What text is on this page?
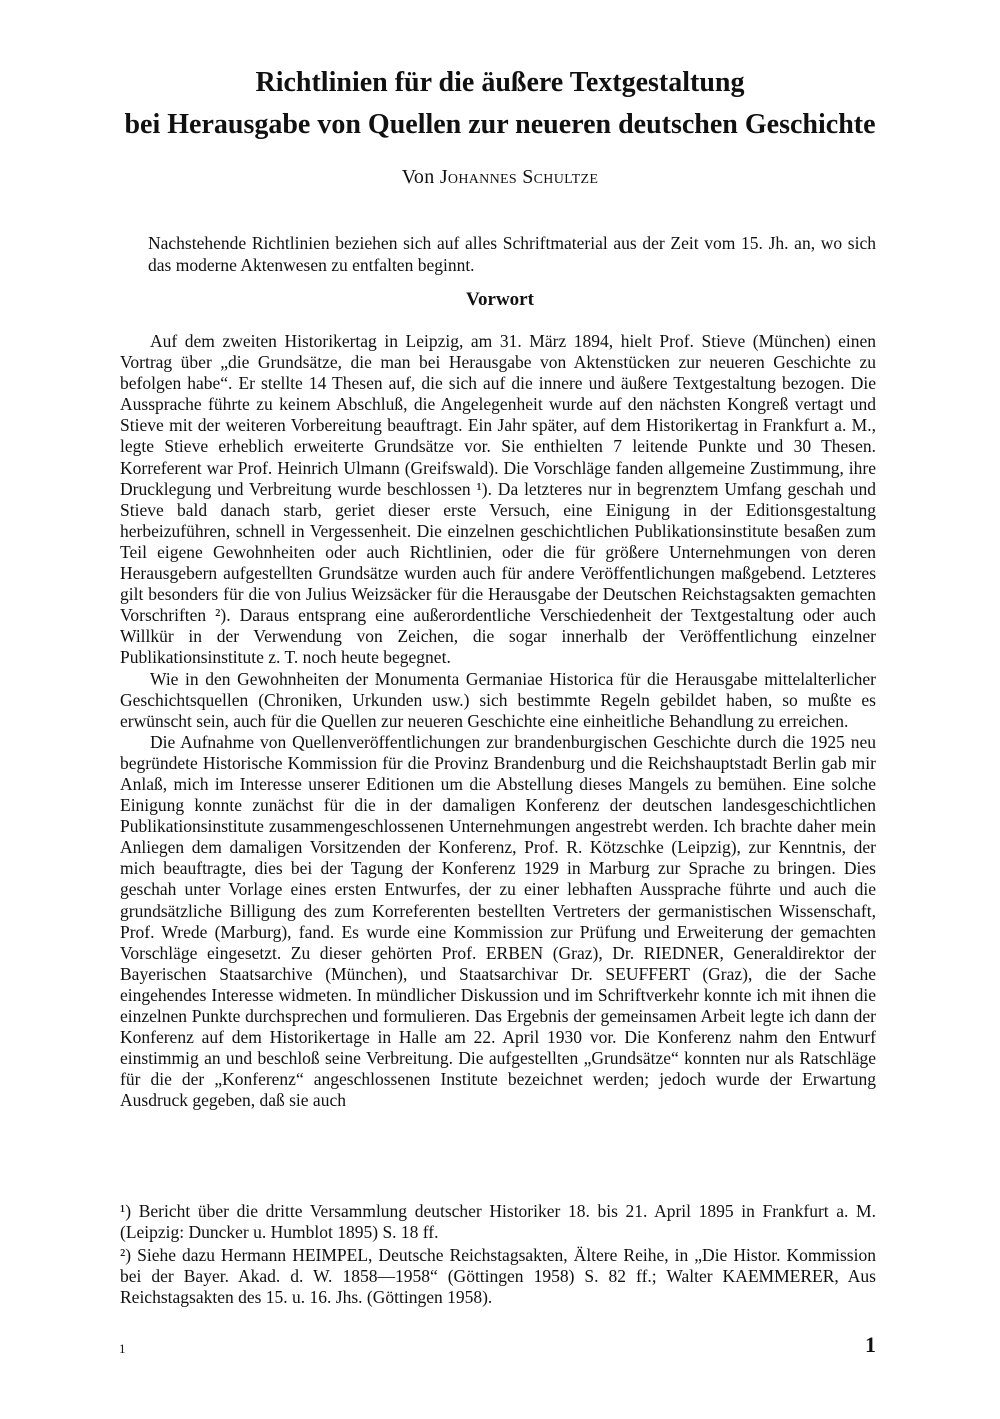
Richtlinien für die äußere Textgestaltung
bei Herausgabe von Quellen zur neueren deutschen Geschichte
Von Johannes Schultze

Nachstehende Richtlinien beziehen sich auf alles Schriftmaterial aus der Zeit vom 15. Jh. an, wo sich das moderne Aktenwesen zu entfalten beginnt.

Vorwort

Auf dem zweiten Historikertag in Leipzig, am 31. März 1894, hielt Prof. Stieve (München) einen Vortrag über „die Grundsätze, die man bei Herausgabe von Aktenstücken zur neueren Geschichte zu befolgen habe“. Er stellte 14 Thesen auf, die sich auf die innere und äußere Textgestaltung bezogen. Die Aussprache führte zu keinem Abschluß, die Angelegenheit wurde auf den nächsten Kongreß vertagt und Stieve mit der weiteren Vorbereitung beauftragt. Ein Jahr später, auf dem Historikertag in Frankfurt a. M., legte Stieve erheblich erweiterte Grundsätze vor. Sie enthielten 7 leitende Punkte und 30 Thesen. Korreferent war Prof. Heinrich Ulmann (Greifswald). Die Vorschläge fanden allgemeine Zustimmung, ihre Drucklegung und Verbreitung wurde beschlossen ¹). Da letzteres nur in begrenztem Umfang geschah und Stieve bald danach starb, geriet dieser erste Versuch, eine Einigung in der Editionsgestaltung herbeizuführen, schnell in Vergessenheit. Die einzelnen geschichtlichen Publikationsinstitute besaßen zum Teil eigene Gewohnheiten oder auch Richtlinien, oder die für größere Unternehmungen von deren Herausgebern aufgestellten Grundsätze wurden auch für andere Veröffentlichungen maßgebend. Letzteres gilt besonders für die von Julius Weizsäcker für die Herausgabe der Deutschen Reichstagsakten gemachten Vorschriften ²). Daraus entsprang eine außerordentliche Verschiedenheit der Textgestaltung oder auch Willkür in der Verwendung von Zeichen, die sogar innerhalb der Veröffentlichung einzelner Publikationsinstitute z. T. noch heute begegnet.

Wie in den Gewohnheiten der Monumenta Germaniae Historica für die Herausgabe mittelalterlicher Geschichtsquellen (Chroniken, Urkunden usw.) sich bestimmte Regeln gebildet haben, so mußte es erwünscht sein, auch für die Quellen zur neueren Geschichte eine einheitliche Behandlung zu erreichen.

Die Aufnahme von Quellenveröffentlichungen zur brandenburgischen Geschichte durch die 1925 neu begründete Historische Kommission für die Provinz Brandenburg und die Reichshauptstadt Berlin gab mir Anlaß, mich im Interesse unserer Editionen um die Abstellung dieses Mangels zu bemühen. Eine solche Einigung konnte zunächst für die in der damaligen Konferenz der deutschen landesgeschichtlichen Publikationsinstitute zusammengeschlossenen Unternehmungen angestrebt werden. Ich brachte daher mein Anliegen dem damaligen Vorsitzenden der Konferenz, Prof. R. Kötzschke (Leipzig), zur Kenntnis, der mich beauftragte, dies bei der Tagung der Konferenz 1929 in Marburg zur Sprache zu bringen. Dies geschah unter Vorlage eines ersten Entwurfes, der zu einer lebhaften Aussprache führte und auch die grundsätzliche Billigung des zum Korreferenten bestellten Vertreters der germanistischen Wissenschaft, Prof. Wrede (Marburg), fand. Es wurde eine Kommission zur Prüfung und Erweiterung der gemachten Vorschläge eingesetzt. Zu dieser gehörten Prof. ERBEN (Graz), Dr. RIEDNER, Generaldirektor der Bayerischen Staatsarchive (München), und Staatsarchivar Dr. SEUFFERT (Graz), die der Sache eingehendes Interesse widmeten. In mündlicher Diskussion und im Schriftverkehr konnte ich mit ihnen die einzelnen Punkte durchsprechen und formulieren. Das Ergebnis der gemeinsamen Arbeit legte ich dann der Konferenz auf dem Historikertage in Halle am 22. April 1930 vor. Die Konferenz nahm den Entwurf einstimmig an und beschloß seine Verbreitung. Die aufgestellten „Grundsätze“ konnten nur als Ratschläge für die der „Konferenz“ angeschlossenen Institute bezeichnet werden; jedoch wurde der Erwartung Ausdruck gegeben, daß sie auch

¹) Bericht über die dritte Versammlung deutscher Historiker 18. bis 21. April 1895 in Frankfurt a. M. (Leipzig: Duncker u. Humblot 1895) S. 18 ff.

²) Siehe dazu Hermann HEIMPEL, Deutsche Reichstagsakten, Ältere Reihe, in „Die Histor. Kommission bei der Bayer. Akad. d. W. 1858—1958“ (Göttingen 1958) S. 82 ff.; Walter KAEMMERER, Aus Reichstagsakten des 15. u. 16. Jhs. (Göttingen 1958).

1	1
